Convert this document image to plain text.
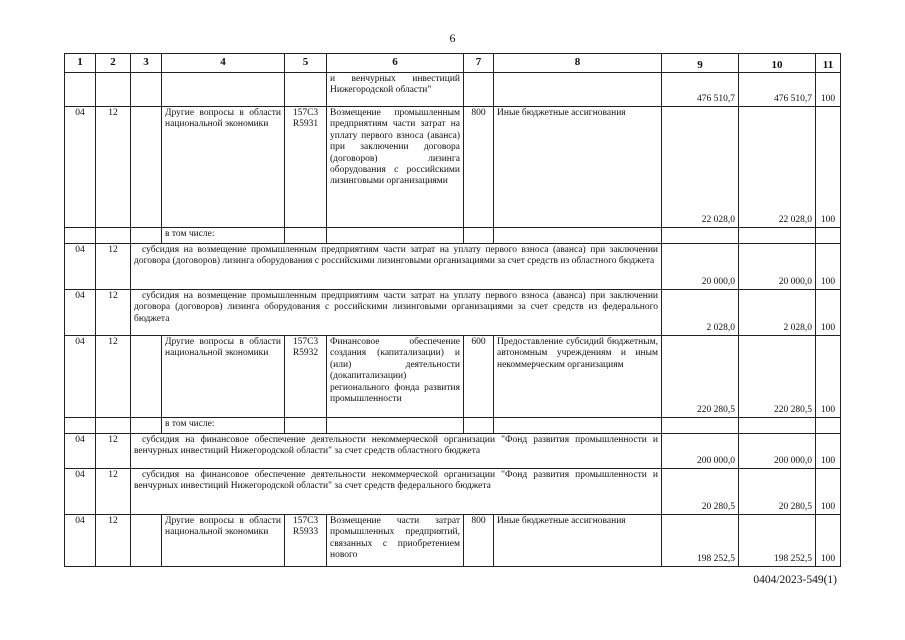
6
1	2	3	4	5	6	7	8	9	10	11
					и венчурных инвестиций Нижегородской области"			476 510,7	476 510,7	100
04	12		Другие вопросы в области национальной экономики	157C3 R5931	Возмещение промышленным предприятиям части затрат на уплату первого взноса (аванса) при заключении договора (договоров) лизинга оборудования с российскими лизинговыми организациями	800	Иные бюджетные ассигнования	22 028,0	22 028,0	100
			в том числе:							
04	12	субсидия на возмещение промышленным предприятиям части затрат на уплату первого взноса (аванса) при заключении договора (договоров) лизинга оборудования с российскими лизинговыми организациями за счет средств из областного бюджета						20 000,0	20 000,0	100
04	12	субсидия на возмещение промышленным предприятиям части затрат на уплату первого взноса (аванса) при заключении договора (договоров) лизинга оборудования с российскими лизинговыми организациями за счет средств из федерального бюджета						2 028,0	2 028,0	100
04	12		Другие вопросы в области национальной экономики	157C3 R5932	Финансовое обеспечение создания (капитализации) и (или) деятельности (докапитализации) регионального фонда развития промышленности	600	Предоставление субсидий бюджетным, автономным учреждениям и иным некоммерческим организациям	220 280,5	220 280,5	100
			в том числе:							
04	12	субсидия на финансовое обеспечение деятельности некоммерческой организации "Фонд развития промышленности и венчурных инвестиций Нижегородской области" за счет средств областного бюджета						200 000,0	200 000,0	100
04	12	субсидия на финансовое обеспечение деятельности некоммерческой организации "Фонд развития промышленности и венчурных инвестиций Нижегородской области" за счет средств федерального бюджета						20 280,5	20 280,5	100
04	12		Другие вопросы в области национальной экономики	157C3 R5933	Возмещение части затрат промышленных предприятий, связанных с приобретением нового	800	Иные бюджетные ассигнования	198 252,5	198 252,5	100
0404/2023-549(1)
